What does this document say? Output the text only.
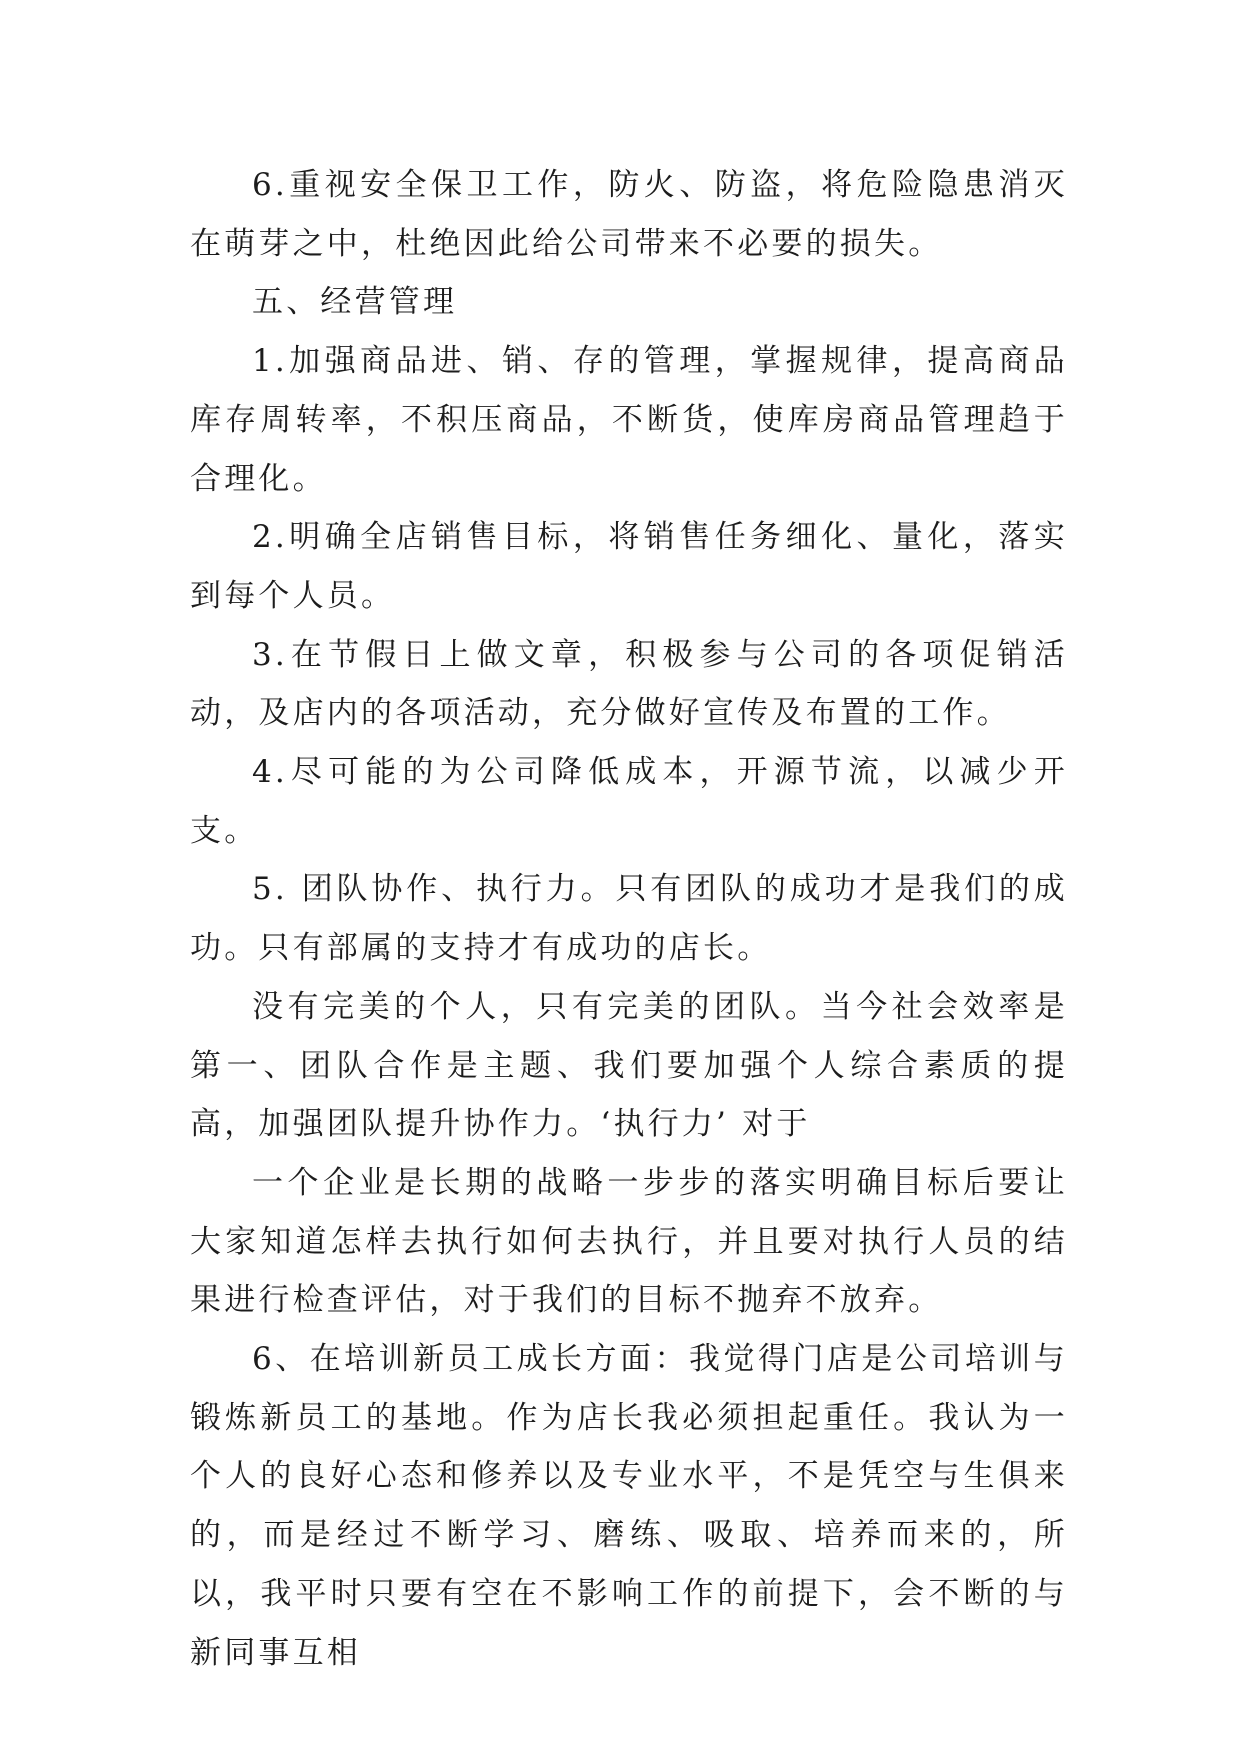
6.重视安全保卫工作，防火、防盗，将危险隐患消灭在萌芽之中，杜绝因此给公司带来不必要的损失。

五、经营管理

1.加强商品进、销、存的管理，掌握规律，提高商品库存周转率，不积压商品，不断货，使库房商品管理趋于合理化。

2.明确全店销售目标，将销售任务细化、量化，落实到每个人员。

3.在节假日上做文章，积极参与公司的各项促销活动，及店内的各项活动，充分做好宣传及布置的工作。

4.尽可能的为公司降低成本，开源节流，以减少开支。

5. 团队协作、执行力。只有团队的成功才是我们的成功。只有部属的支持才有成功的店长。

没有完美的个人，只有完美的团队。当今社会效率是第一、团队合作是主题、我们要加强个人综合素质的提高，加强团队提升协作力。‘执行力’ 对于

一个企业是长期的战略一步步的落实明确目标后要让大家知道怎样去执行如何去执行，并且要对执行人员的结果进行检查评估，对于我们的目标不抛弃不放弃。

6、在培训新员工成长方面：我觉得门店是公司培训与锻炼新员工的基地。作为店长我必须担起重任。我认为一个人的良好心态和修养以及专业水平，不是凭空与生俱来的，而是经过不断学习、磨练、吸取、培养而来的，所以，我平时只要有空在不影响工作的前提下，会不断的与新同事互相
